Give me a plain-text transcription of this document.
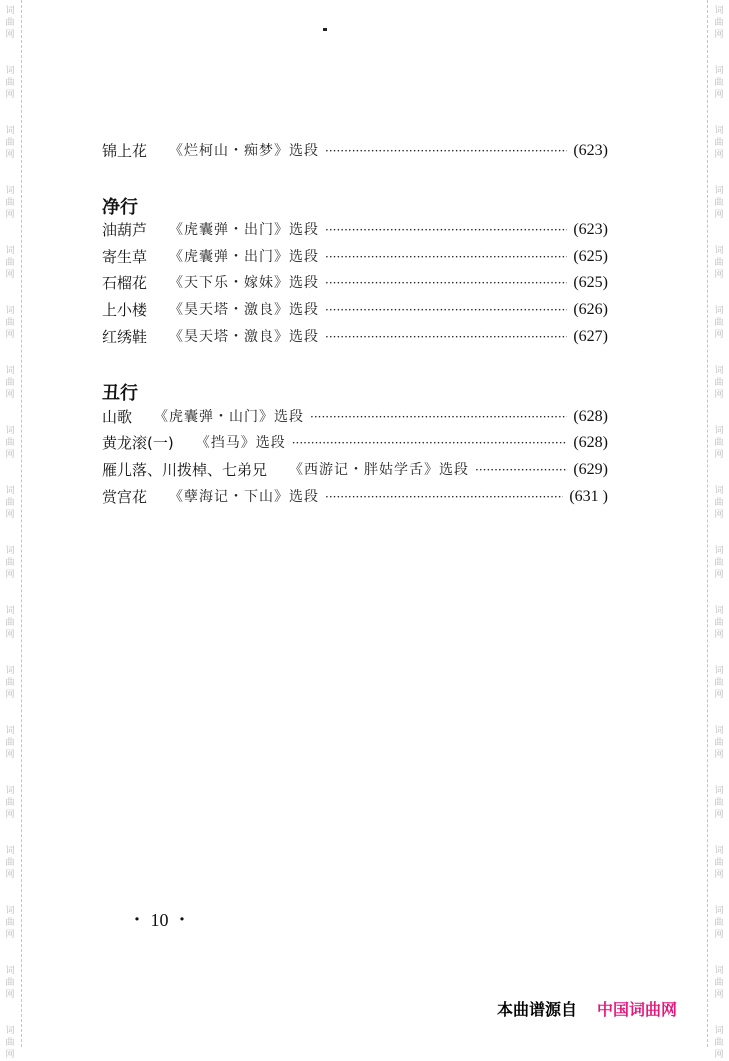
词
曲
网
词
曲
网
词
曲
网
词
曲
网
词
曲
网
词
曲
网
词
曲
网
词
曲
网
词
曲
网
词
曲
网
词
曲
网
词
曲
网
词
曲
网
词
曲
网
词
曲
网
词
曲
网
词
曲
网
词
曲
网
词
曲
网
词
曲
网
词
曲
网
词
曲
网
词
曲
网
词
曲
网
词
曲
网
词
曲
网
词
曲
网
词
曲
网
词
曲
网
词
曲
网
词
曲
网
词
曲
网
词
曲
网
词
曲
网
词
曲
网
词
曲
网
锦上花 《烂柯山・痴梦》选段 ·····	(623)
净行
油葫芦 《虎囊弹・出门》选段 ·····	(623)
寄生草 《虎囊弹・出门》选段 ·····	(625)
石榴花 《天下乐・嫁妹》选段 ·····	(625)
上小楼 《昊天塔・激良》选段 ·····	(626)
红绣鞋 《昊天塔・激良》选段 ·····	(627)
丑行
山歌 《虎囊弹・山门》选段 ·····	(628)
黄龙滚(一) 《挡马》选段 ·····	(628)
雁儿落、川拨棹、七弟兄 《西游记・胖姑学舌》选段 ·····	(629)
赏宫花 《孽海记・下山》选段 ·····	(631 )
・ 10 ・
本曲谱源自 中国词曲网
